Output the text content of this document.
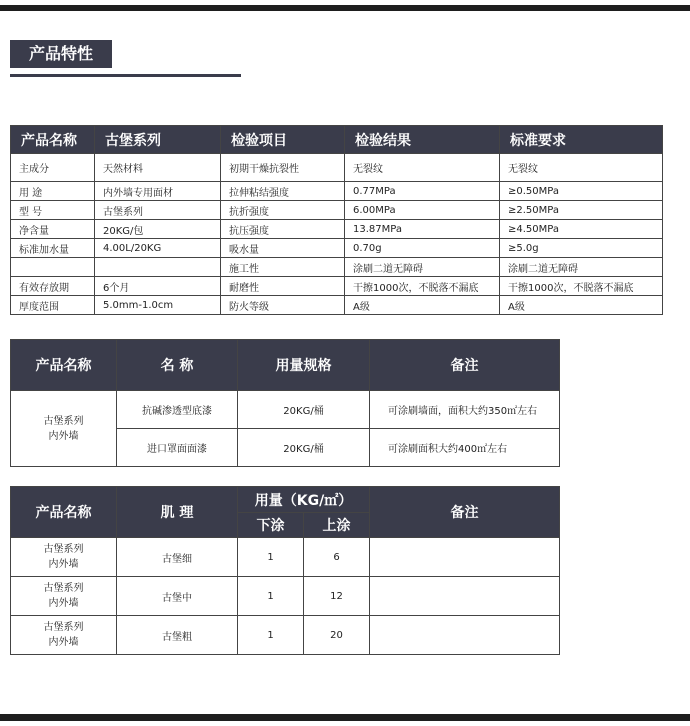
产品特性
产品名称	古堡系列	检验项目	检验结果	标准要求
主成分	天然材料	初期干燥抗裂性	无裂纹	无裂纹
用 途	内外墙专用面材	拉伸粘结强度	0.77MPa	≥0.50MPa
型 号	古堡系列	抗折强度	6.00MPa	≥2.50MPa
净含量	20KG/包	抗压强度	13.87MPa	≥4.50MPa
标准加水量	4.00L/20KG	吸水量	0.70g	≥5.0g
		施工性	涂刷二道无障碍	涂刷二道无障碍
有效存放期	6个月	耐磨性	干擦1000次，不脱落不漏底	干擦1000次，不脱落不漏底
厚度范围	5.0mm-1.0cm	防火等级	A级	A级
产品名称	名 称	用量规格	备注

古堡系列
内外墙	抗碱渗透型底漆	20KG/桶	可涂刷墙面，面积大约350㎡左右
	进口罩面面漆	20KG/桶	可涂刷面积大约400㎡左右
产品名称	肌 理	用量（KG/㎡）		备注
		下涂	上涂	

古堡系列
内外墙	古堡细	1	6	

古堡系列
内外墙	古堡中	1	12	

古堡系列
内外墙	古堡粗	1	20	
